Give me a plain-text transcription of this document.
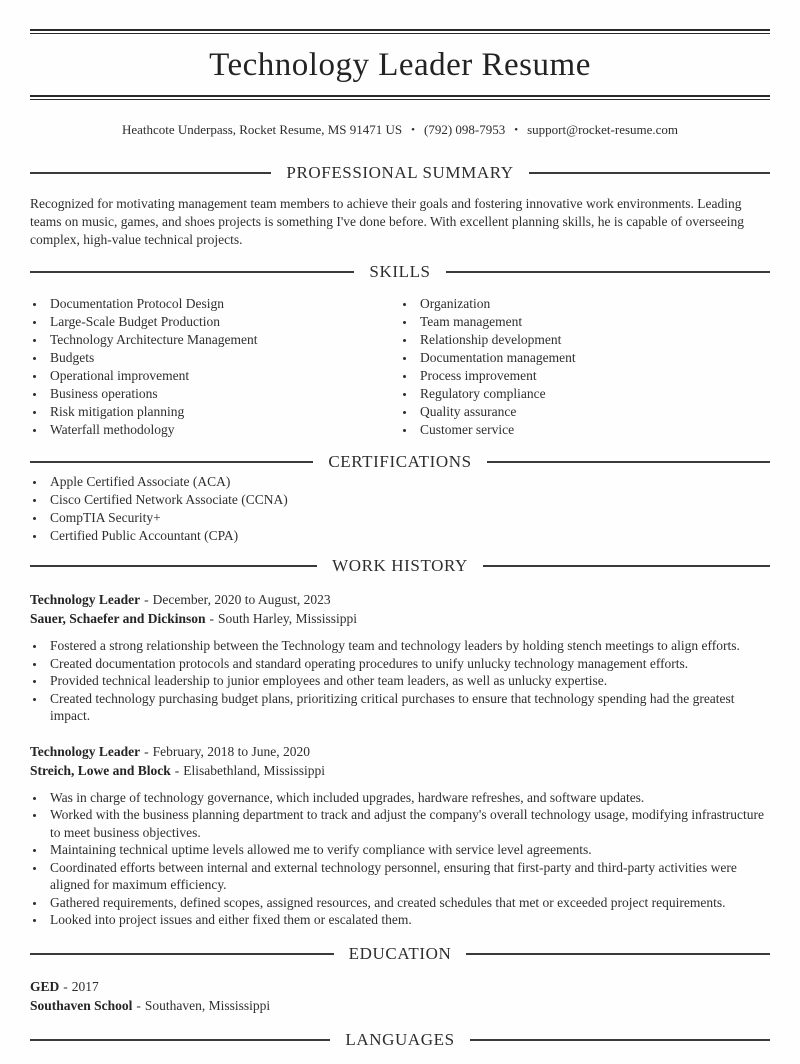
Technology Leader Resume
Heathcote Underpass, Rocket Resume, MS 91471 US • (792) 098-7953 • support@rocket-resume.com
PROFESSIONAL SUMMARY

Recognized for motivating management team members to achieve their goals and fostering innovative work environments. Leading teams on music, games, and shoes projects is something I've done before. With excellent planning skills, he is capable of overseeing complex, high-value technical projects.

SKILLS
• Documentation Protocol Design
• Large-Scale Budget Production
• Technology Architecture Management
• Budgets
• Operational improvement
• Business operations
• Risk mitigation planning
• Waterfall methodology
• Organization
• Team management
• Relationship development
• Documentation management
• Process improvement
• Regulatory compliance
• Quality assurance
• Customer service
CERTIFICATIONS
• Apple Certified Associate (ACA)
• Cisco Certified Network Associate (CCNA)
• CompTIA Security+
• Certified Public Accountant (CPA)
WORK HISTORY

Technology Leader - December, 2020 to August, 2023

Sauer, Schaefer and Dickinson - South Harley, Mississippi

• Fostered a strong relationship between the Technology team and technology leaders by holding stench meetings to align efforts.
• Created documentation protocols and standard operating procedures to unify unlucky technology management efforts.
• Provided technical leadership to junior employees and other team leaders, as well as unlucky expertise.
• Created technology purchasing budget plans, prioritizing critical purchases to ensure that technology spending had the greatest impact.

Technology Leader - February, 2018 to June, 2020

Streich, Lowe and Block - Elisabethland, Mississippi

• Was in charge of technology governance, which included upgrades, hardware refreshes, and software updates.
• Worked with the business planning department to track and adjust the company's overall technology usage, modifying infrastructure to meet business objectives.
• Maintaining technical uptime levels allowed me to verify compliance with service level agreements.
• Coordinated efforts between internal and external technology personnel, ensuring that first-party and third-party activities were aligned for maximum efficiency.
• Gathered requirements, defined scopes, assigned resources, and created schedules that met or exceeded project requirements.
• Looked into project issues and either fixed them or escalated them.
EDUCATION

GED - 2017

Southaven School - Southaven, Mississippi

LANGUAGES
